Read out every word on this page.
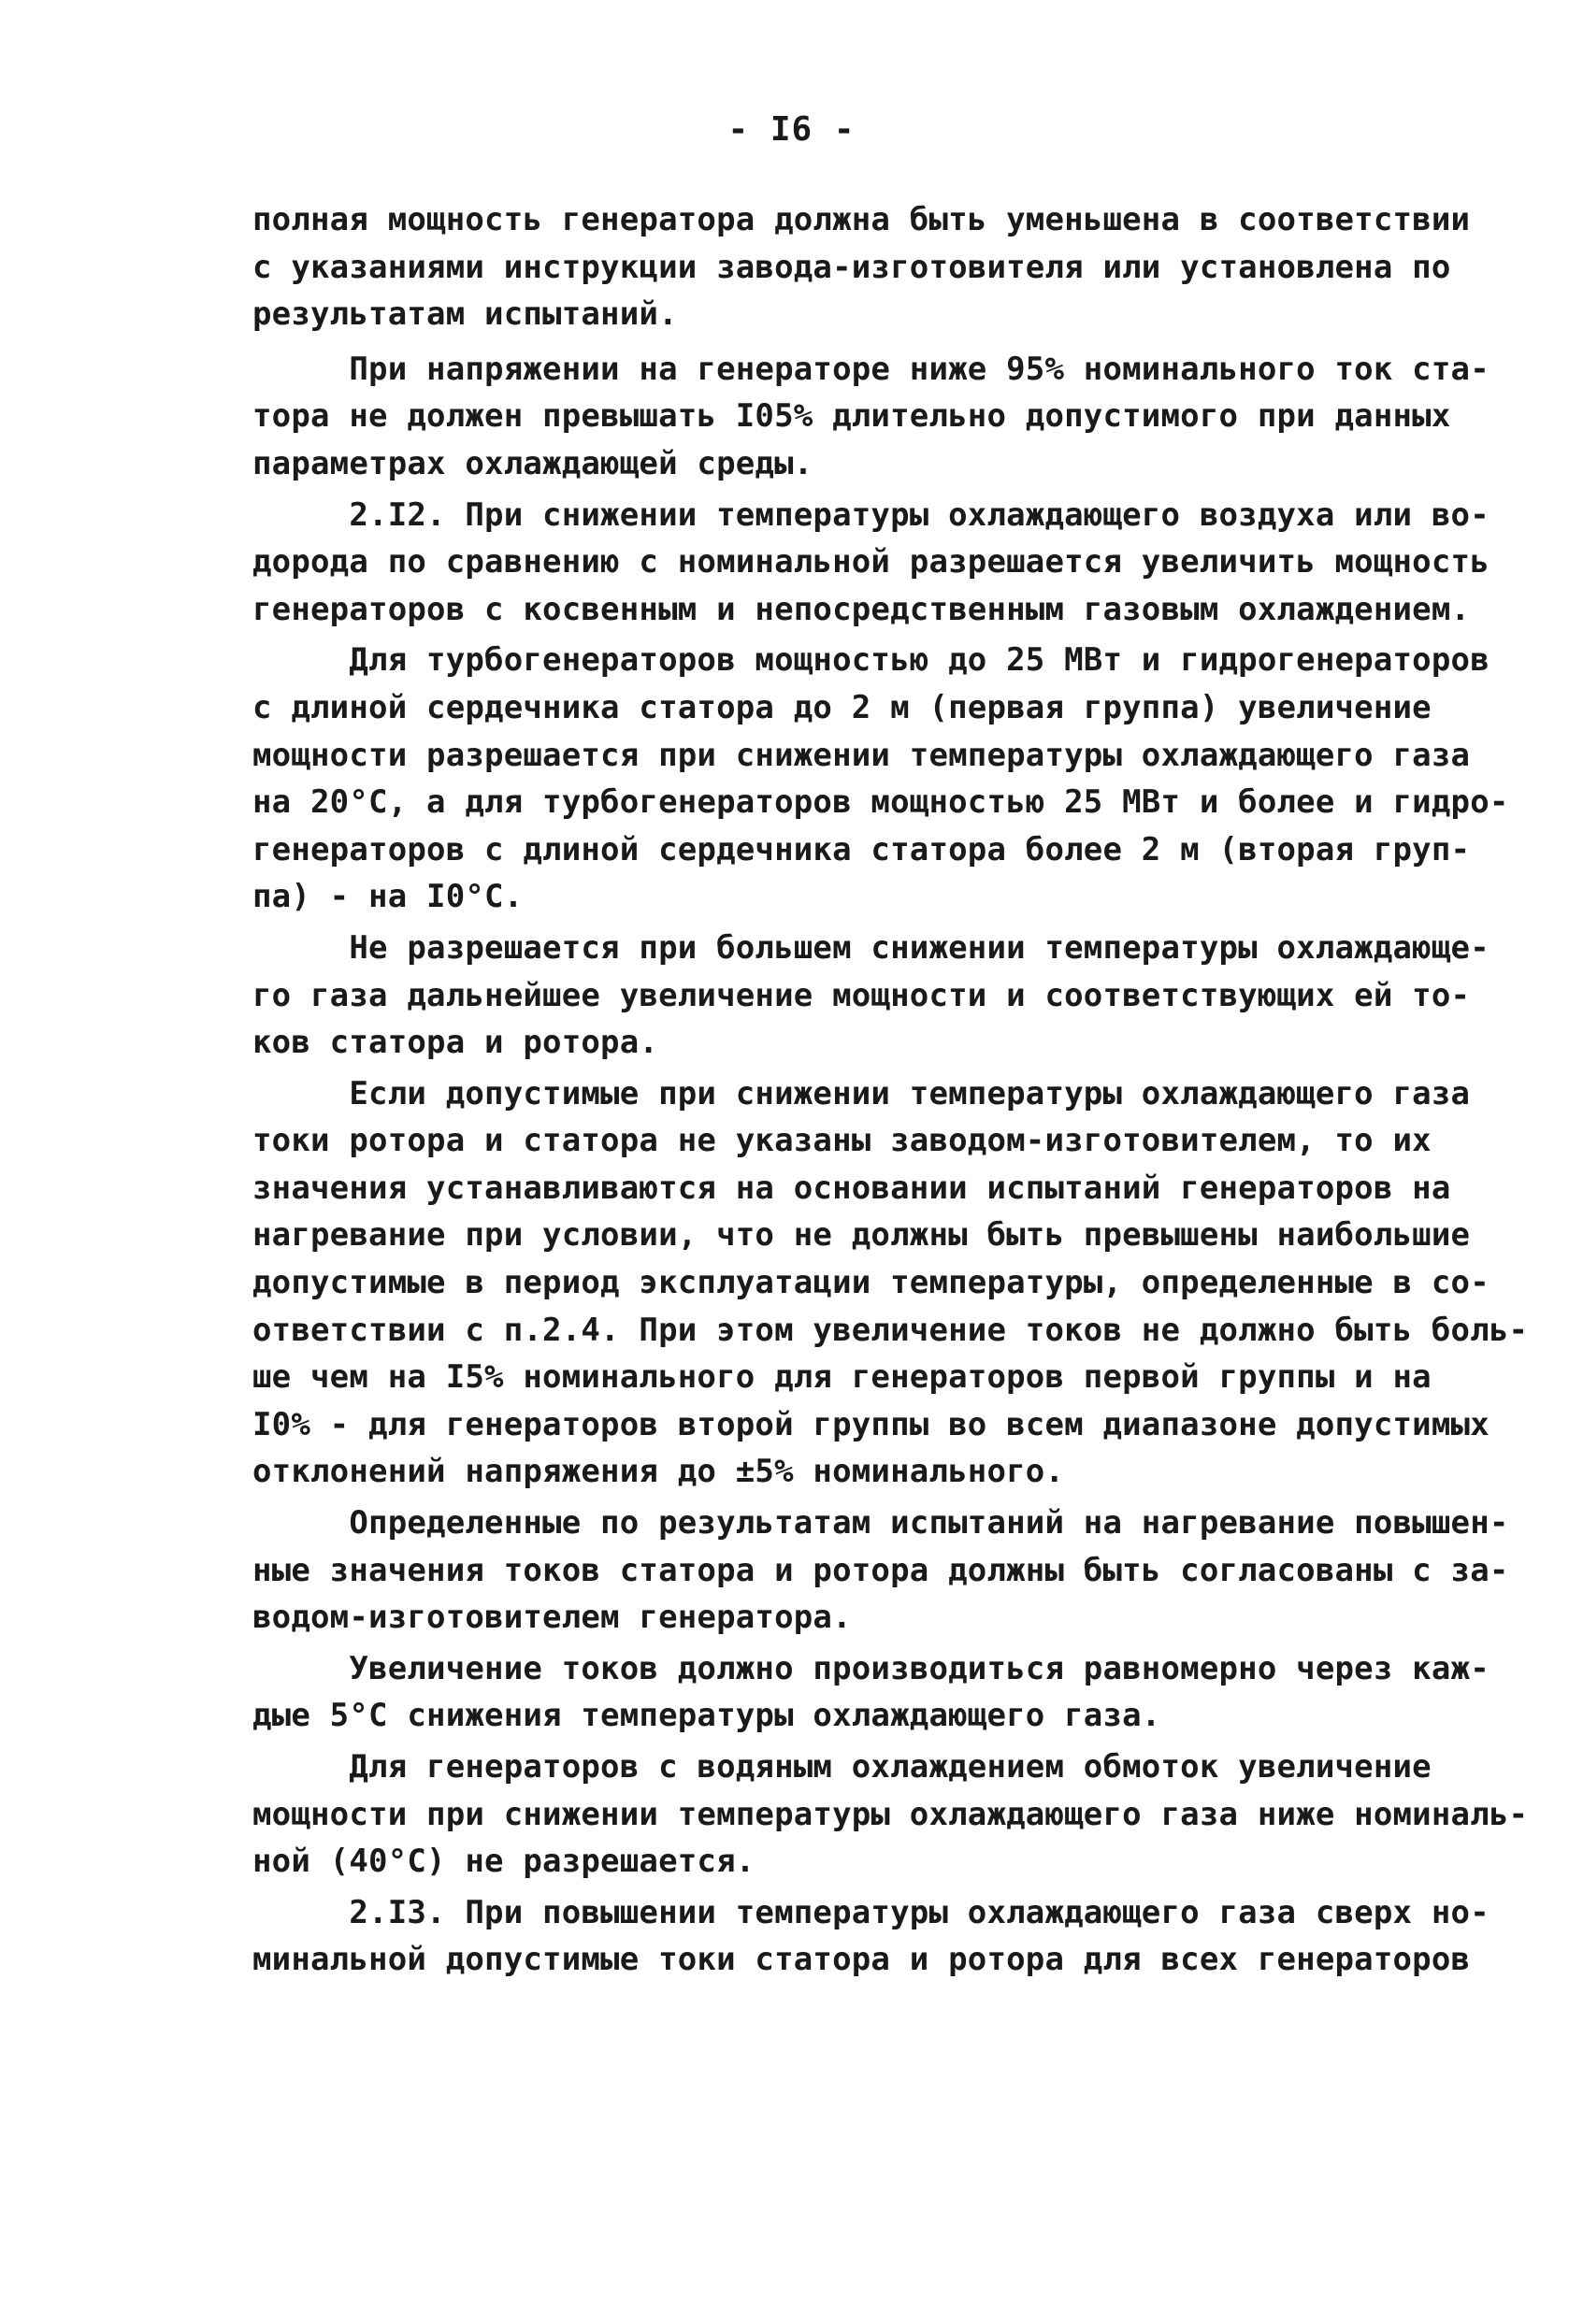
- I6 -
полная мощность генератора должна быть уменьшена в соответствии
с указаниями инструкции завода-изготовителя или установлена по
результатам испытаний.
При напряжении на генераторе ниже 95% номинального ток ста-
тора не должен превышать I05% длительно допустимого при данных
параметрах охлаждающей среды.
2.I2. При снижении температуры охлаждающего воздуха или во-
дорода по сравнению с номинальной разрешается увеличить мощность
генераторов с косвенным и непосредственным газовым охлаждением.
Для турбогенераторов мощностью до 25 МВт и гидрогенераторов
с длиной сердечника статора до 2 м (первая группа) увеличение
мощности разрешается при снижении температуры охлаждающего газа
на 20°С, а для турбогенераторов мощностью 25 МВт и более и гидро-
генераторов с длиной сердечника статора более 2 м (вторая груп-
па) - на I0°С.
Не разрешается при большем снижении температуры охлаждающе-
го газа дальнейшее увеличение мощности и соответствующих ей то-
ков статора и ротора.
Если допустимые при снижении температуры охлаждающего газа
токи ротора и статора не указаны заводом-изготовителем, то их
значения устанавливаются на основании испытаний генераторов на
нагревание при условии, что не должны быть превышены наибольшие
допустимые в период эксплуатации температуры, определенные в со-
ответствии с п.2.4. При этом увеличение токов не должно быть боль-
ше чем на I5% номинального для генераторов первой группы и на
I0% - для генераторов второй группы во всем диапазоне допустимых
отклонений напряжения до ±5% номинального.
Определенные по результатам испытаний на нагревание повышен-
ные значения токов статора и ротора должны быть согласованы с за-
водом-изготовителем генератора.
Увеличение токов должно производиться равномерно через каж-
дые 5°С снижения температуры охлаждающего газа.
Для генераторов с водяным охлаждением обмоток увеличение
мощности при снижении температуры охлаждающего газа ниже номиналь-
ной (40°С) не разрешается.
2.I3. При повышении температуры охлаждающего газа сверх но-
минальной допустимые токи статора и ротора для всех генераторов
